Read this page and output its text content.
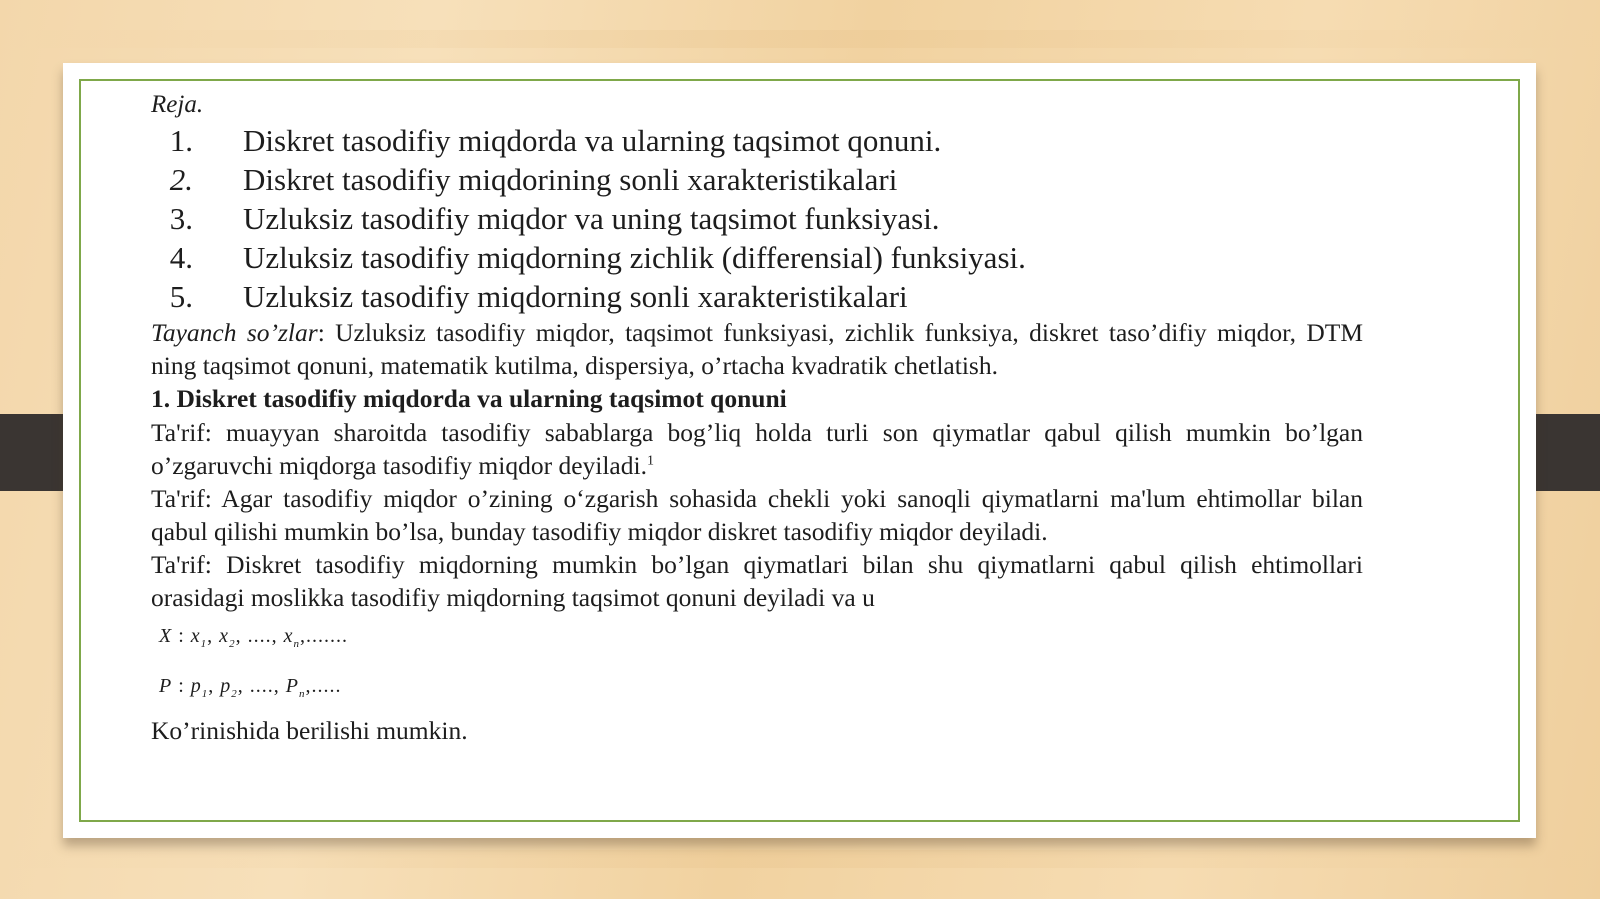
Reja.

1. Diskret tasodifiy miqdorda va ularning taqsimot qonuni.
2. Diskret tasodifiy miqdorining sonli xarakteristikalari
3. Uzluksiz tasodifiy miqdor va uning taqsimot funksiyasi.
4. Uzluksiz tasodifiy miqdorning zichlik (differensial) funksiyasi.
5. Uzluksiz tasodifiy miqdorning sonli xarakteristikalari

Tayanch so’zlar: Uzluksiz tasodifiy miqdor, taqsimot funksiyasi, zichlik funksiya, diskret taso’difiy miqdor, DTM ning taqsimot qonuni, matematik kutilma, dispersiya, o’rtacha kvadratik chetlatish.

1. Diskret tasodifiy miqdorda va ularning taqsimot qonuni

Ta'rif: muayyan sharoitda tasodifiy sabablarga bog’liq holda turli son qiymatlar qabul qilish mumkin bo’lgan o’zgaruvchi miqdorga tasodifiy miqdor deyiladi.$^1$

Ta'rif: Agar tasodifiy miqdor o’zining o‘zgarish sohasida chekli yoki sanoqli qiymatlarni ma'lum ehtimollar bilan qabul qilishi mumkin bo’lsa, bunday tasodifiy miqdor diskret tasodifiy miqdor deyiladi.

Ta'rif: Diskret tasodifiy miqdorning mumkin bo’lgan qiymatlari bilan shu qiymatlarni qabul qilish ehtimollari orasidagi moslikka tasodifiy miqdorning taqsimot qonuni deyiladi va u

X : $x_1$, $x_2$, ...., $x_n$,.......

P : $p_1$, $p_2$, ...., $P_n$,.....

Ko’rinishida berilishi mumkin.
